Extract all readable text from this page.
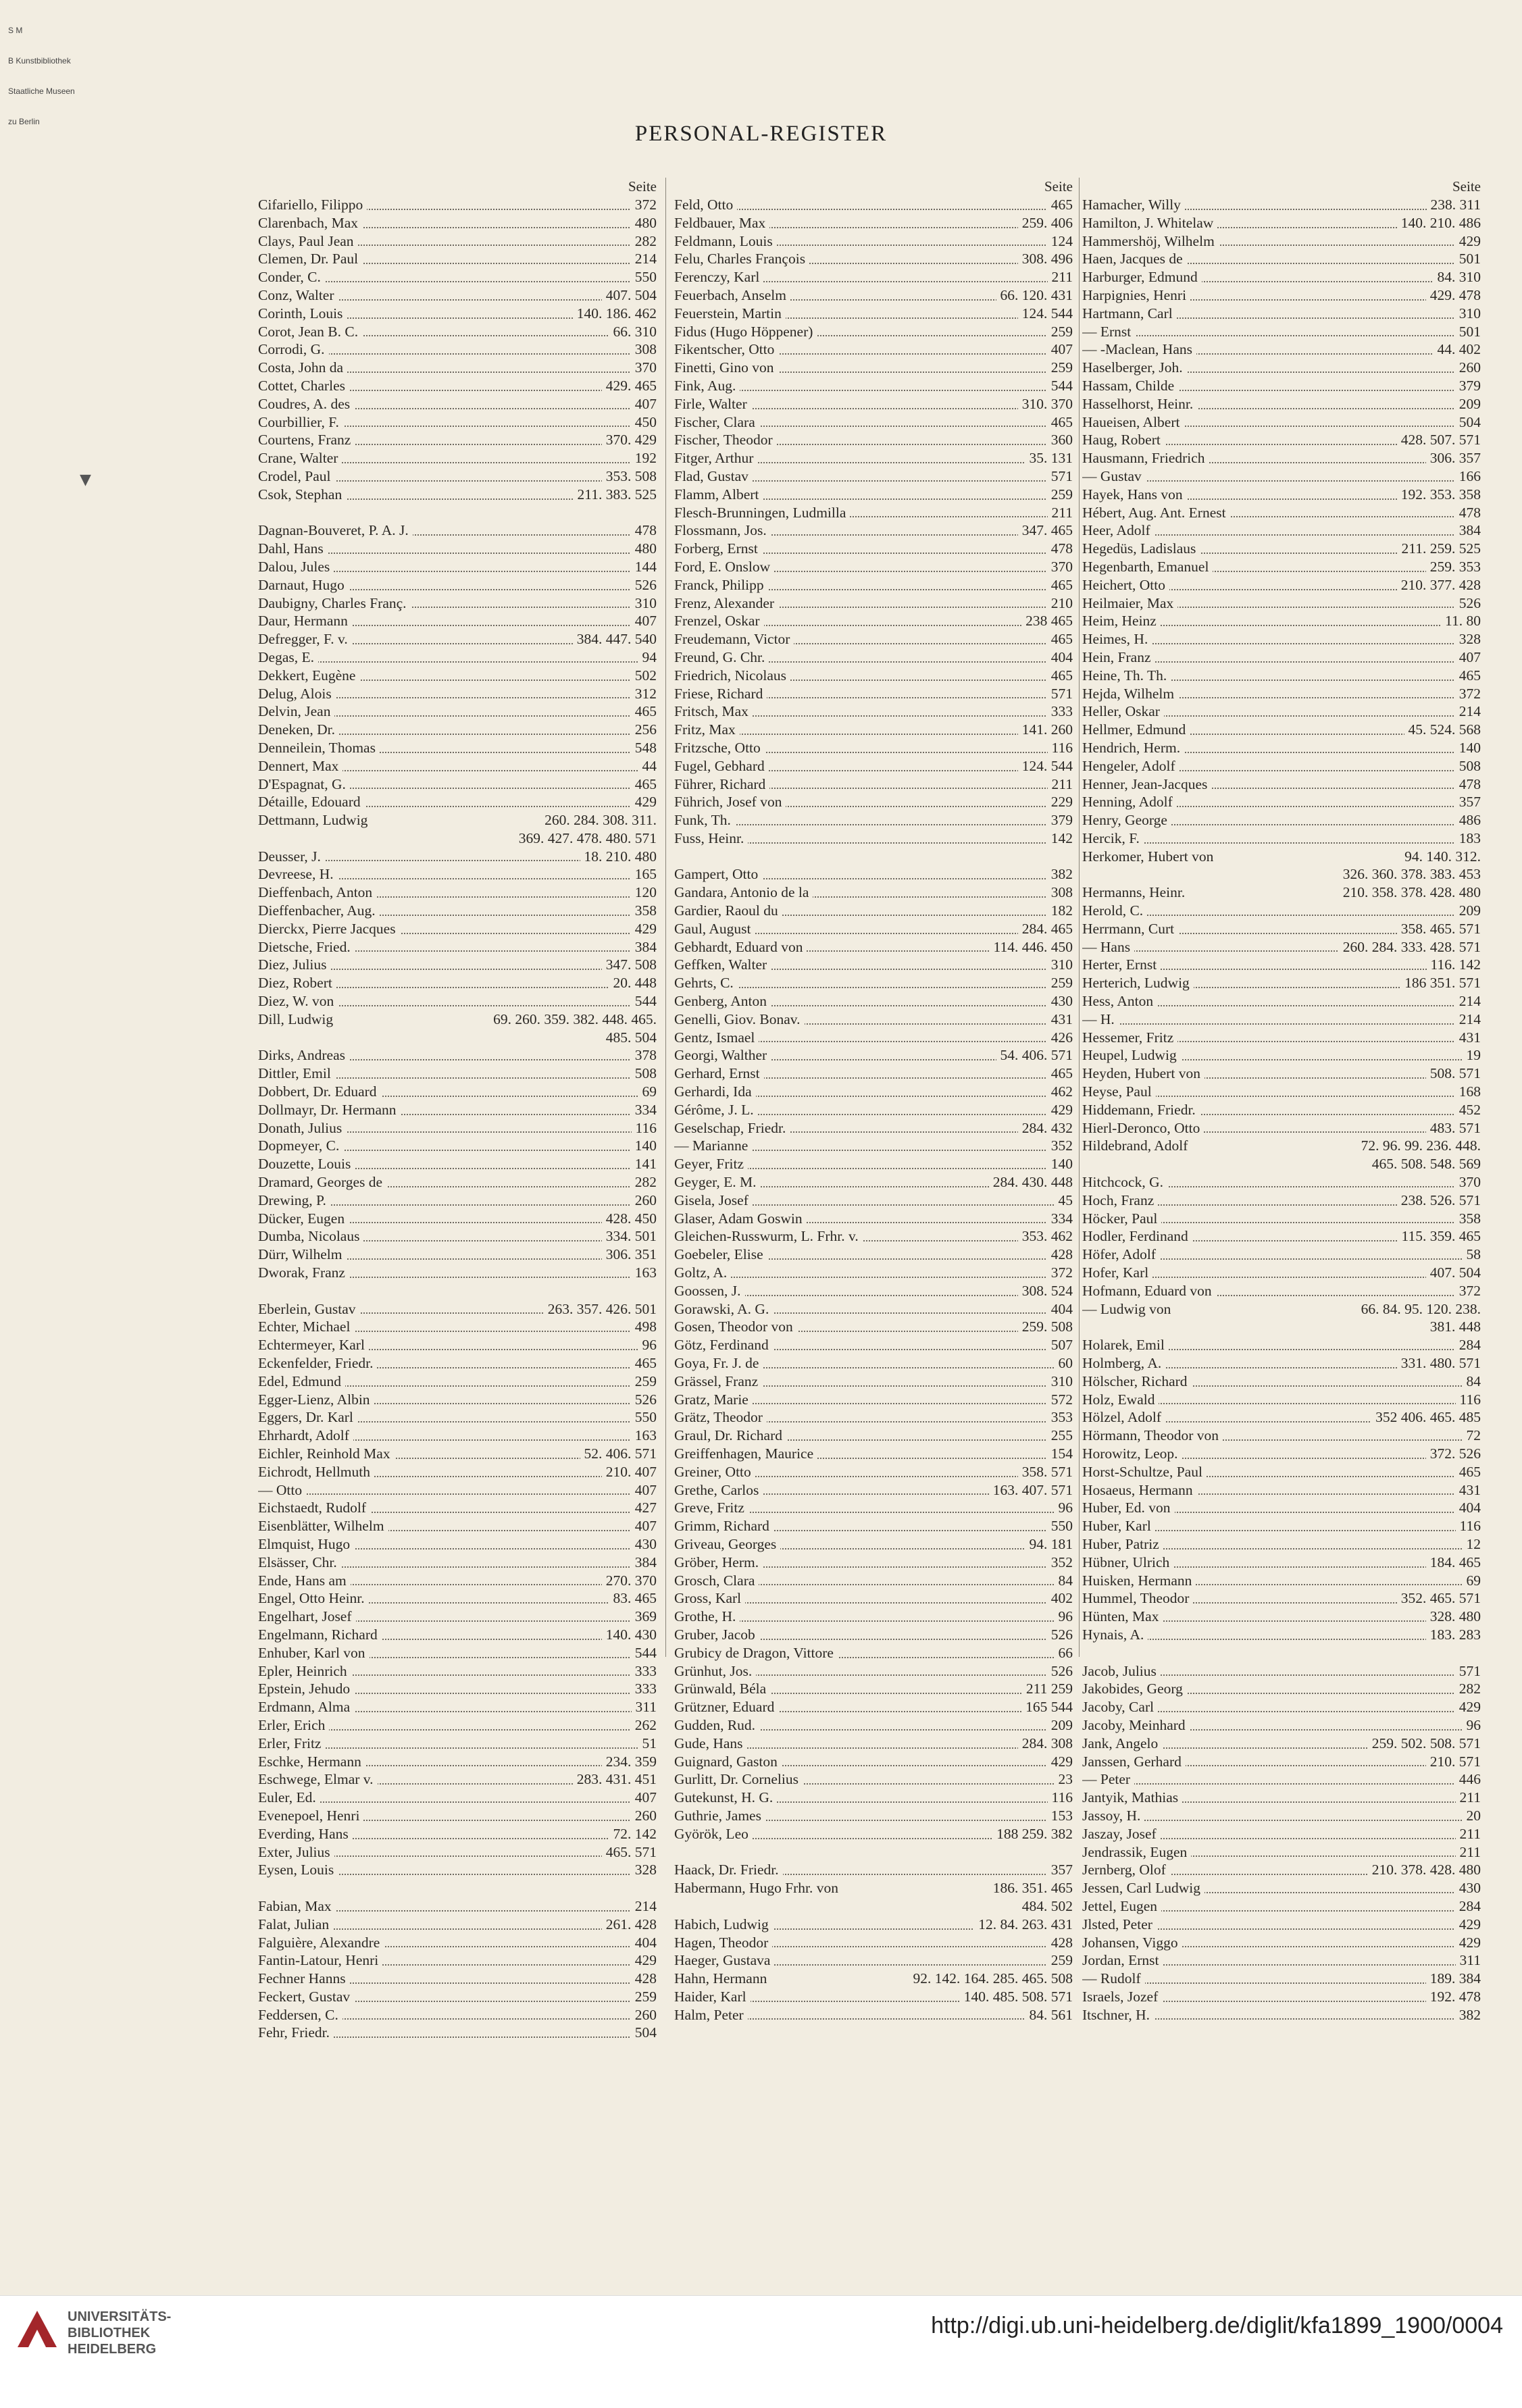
S M

B Kunstbibliothek

Staatliche Museen

zu Berlin	PERSONAL-REGISTER
▼
Seite
Cifariello, Filippo	372
Clarenbach, Max	480
Clays, Paul Jean	282
Clemen, Dr. Paul	214
Conder, C.	550
Conz, Walter	407. 504
Corinth, Louis	140. 186. 462
Corot, Jean B. C.	66. 310
Corrodi, G.	308
Costa, John da	370
Cottet, Charles	429. 465
Coudres, A. des	407
Courbillier, F.	450
Courtens, Franz	370. 429
Crane, Walter	192
Crodel, Paul	353. 508
Csok, Stephan	211. 383. 525
Dagnan-Bouveret, P. A. J.	478
Dahl, Hans	480
Dalou, Jules	144
Darnaut, Hugo	526
Daubigny, Charles Franç.	310
Daur, Hermann	407
Defregger, F. v.	384. 447. 540
Degas, E.	94
Dekkert, Eugène	502
Delug, Alois	312
Delvin, Jean	465
Deneken, Dr.	256
Denneilein, Thomas	548
Dennert, Max	44
D'Espagnat, G.	465
Détaille, Edouard	429
Dettmann, Ludwig	260. 284. 308. 311.
369. 427. 478. 480. 571
Deusser, J.	18. 210. 480
Devreese, H.	165
Dieffenbach, Anton	120
Dieffenbacher, Aug.	358
Dierckx, Pierre Jacques	429
Dietsche, Fried.	384
Diez, Julius	347. 508
Diez, Robert	20. 448
Diez, W. von	544
Dill, Ludwig	69. 260. 359. 382. 448. 465.
485. 504
Dirks, Andreas	378
Dittler, Emil	508
Dobbert, Dr. Eduard	69
Dollmayr, Dr. Hermann	334
Donath, Julius	116
Dopmeyer, C.	140
Douzette, Louis	141
Dramard, Georges de	282
Drewing, P.	260
Dücker, Eugen	428. 450
Dumba, Nicolaus	334. 501
Dürr, Wilhelm	306. 351
Dworak, Franz	163
Eberlein, Gustav	263. 357. 426. 501
Echter, Michael	498
Echtermeyer, Karl	96
Eckenfelder, Friedr.	465
Edel, Edmund	259
Egger-Lienz, Albin	526
Eggers, Dr. Karl	550
Ehrhardt, Adolf	163
Eichler, Reinhold Max	52. 406. 571
Eichrodt, Hellmuth	210. 407
— Otto	407
Eichstaedt, Rudolf	427
Eisenblätter, Wilhelm	407
Elmquist, Hugo	430
Elsässer, Chr.	384
Ende, Hans am	270. 370
Engel, Otto Heinr.	83. 465
Engelhart, Josef	369
Engelmann, Richard	140. 430
Enhuber, Karl von	544
Epler, Heinrich	333
Epstein, Jehudo	333
Erdmann, Alma	311
Erler, Erich	262
Erler, Fritz	51
Eschke, Hermann	234. 359
Eschwege, Elmar v.	283. 431. 451
Euler, Ed.	407
Evenepoel, Henri	260
Everding, Hans	72. 142
Exter, Julius	465. 571
Eysen, Louis	328
Fabian, Max	214
Falat, Julian	261. 428
Falguière, Alexandre	404
Fantin-Latour, Henri	429
Fechner Hanns	428
Feckert, Gustav	259
Feddersen, C.	260
Fehr, Friedr.	504
Seite
Feld, Otto	465
Feldbauer, Max	259. 406
Feldmann, Louis	124
Felu, Charles François	308. 496
Ferenczy, Karl	211
Feuerbach, Anselm	66. 120. 431
Feuerstein, Martin	124. 544
Fidus (Hugo Höppener)	259
Fikentscher, Otto	407
Finetti, Gino von	259
Fink, Aug.	544
Firle, Walter	310. 370
Fischer, Clara	465
Fischer, Theodor	360
Fitger, Arthur	35. 131
Flad, Gustav	571
Flamm, Albert	259
Flesch-Brunningen, Ludmilla	211
Flossmann, Jos.	347. 465
Forberg, Ernst	478
Ford, E. Onslow	370
Franck, Philipp	465
Frenz, Alexander	210
Frenzel, Oskar	238 465
Freudemann, Victor	465
Freund, G. Chr.	404
Friedrich, Nicolaus	465
Friese, Richard	571
Fritsch, Max	333
Fritz, Max	141. 260
Fritzsche, Otto	116
Fugel, Gebhard	124. 544
Führer, Richard	211
Führich, Josef von	229
Funk, Th.	379
Fuss, Heinr.	142
Gampert, Otto	382
Gandara, Antonio de la	308
Gardier, Raoul du	182
Gaul, August	284. 465
Gebhardt, Eduard von	114. 446. 450
Geffken, Walter	310
Gehrts, C.	259
Genberg, Anton	430
Genelli, Giov. Bonav.	431
Gentz, Ismael	426
Georgi, Walther	54. 406. 571
Gerhard, Ernst	465
Gerhardi, Ida	462
Gérôme, J. L.	429
Geselschap, Friedr.	284. 432
— Marianne	352
Geyer, Fritz	140
Geyger, E. M.	284. 430. 448
Gisela, Josef	45
Glaser, Adam Goswin	334
Gleichen-Russwurm, L. Frhr. v.	353. 462
Goebeler, Elise	428
Goltz, A.	372
Goossen, J.	308. 524
Gorawski, A. G.	404
Gosen, Theodor von	259. 508
Götz, Ferdinand	507
Goya, Fr. J. de	60
Grässel, Franz	310
Gratz, Marie	572
Grätz, Theodor	353
Graul, Dr. Richard	255
Greiffenhagen, Maurice	154
Greiner, Otto	358. 571
Grethe, Carlos	163. 407. 571
Greve, Fritz	96
Grimm, Richard	550
Griveau, Georges	94. 181
Gröber, Herm.	352
Grosch, Clara	84
Gross, Karl	402
Grothe, H.	96
Gruber, Jacob	526
Grubicy de Dragon, Vittore	66
Grünhut, Jos.	526
Grünwald, Béla	211 259
Grützner, Eduard	165 544
Gudden, Rud.	209
Gude, Hans	284. 308
Guignard, Gaston	429
Gurlitt, Dr. Cornelius	23
Gutekunst, H. G.	116
Guthrie, James	153
Györök, Leo	188 259. 382
Haack, Dr. Friedr.	357
Habermann, Hugo Frhr. von	186. 351. 465
484. 502
Habich, Ludwig	12. 84. 263. 431
Hagen, Theodor	428
Haeger, Gustava	259
Hahn, Hermann	92. 142. 164. 285. 465. 508
Haider, Karl	140. 485. 508. 571
Halm, Peter	84. 561
Seite
Hamacher, Willy	238. 311
Hamilton, J. Whitelaw	140. 210. 486
Hammershöj, Wilhelm	429
Haen, Jacques de	501
Harburger, Edmund	84. 310
Harpignies, Henri	429. 478
Hartmann, Carl	310
— Ernst	501
— -Maclean, Hans	44. 402
Haselberger, Joh.	260
Hassam, Childe	379
Hasselhorst, Heinr.	209
Haueisen, Albert	504
Haug, Robert	428. 507. 571
Hausmann, Friedrich	306. 357
— Gustav	166
Hayek, Hans von	192. 353. 358
Hébert, Aug. Ant. Ernest	478
Heer, Adolf	384
Hegedüs, Ladislaus	211. 259. 525
Hegenbarth, Emanuel	259. 353
Heichert, Otto	210. 377. 428
Heilmaier, Max	526
Heim, Heinz	11. 80
Heimes, H.	328
Hein, Franz	407
Heine, Th. Th.	465
Hejda, Wilhelm	372
Heller, Oskar	214
Hellmer, Edmund	45. 524. 568
Hendrich, Herm.	140
Hengeler, Adolf	508
Henner, Jean-Jacques	478
Henning, Adolf	357
Henry, George	486
Hercik, F.	183
Herkomer, Hubert von	94. 140. 312.
326. 360. 378. 383. 453
Hermanns, Heinr.	210. 358. 378. 428. 480
Herold, C.	209
Herrmann, Curt	358. 465. 571
— Hans	260. 284. 333. 428. 571
Herter, Ernst	116. 142
Herterich, Ludwig	186 351. 571
Hess, Anton	214
— H.	214
Hessemer, Fritz	431
Heupel, Ludwig	19
Heyden, Hubert von	508. 571
Heyse, Paul	168
Hiddemann, Friedr.	452
Hierl-Deronco, Otto	483. 571
Hildebrand, Adolf	72. 96. 99. 236. 448.
465. 508. 548. 569
Hitchcock, G.	370
Hoch, Franz	238. 526. 571
Höcker, Paul	358
Hodler, Ferdinand	115. 359. 465
Höfer, Adolf	58
Hofer, Karl	407. 504
Hofmann, Eduard von	372
— Ludwig von	66. 84. 95. 120. 238.
381. 448
Holarek, Emil	284
Holmberg, A.	331. 480. 571
Hölscher, Richard	84
Holz, Ewald	116
Hölzel, Adolf	352 406. 465. 485
Hörmann, Theodor von	72
Horowitz, Leop.	372. 526
Horst-Schultze, Paul	465
Hosaeus, Hermann	431
Huber, Ed. von	404
Huber, Karl	116
Huber, Patriz	12
Hübner, Ulrich	184. 465
Huisken, Hermann	69
Hummel, Theodor	352. 465. 571
Hünten, Max	328. 480
Hynais, A.	183. 283
Jacob, Julius	571
Jakobides, Georg	282
Jacoby, Carl	429
Jacoby, Meinhard	96
Jank, Angelo	259. 502. 508. 571
Janssen, Gerhard	210. 571
— Peter	446
Jantyik, Mathias	211
Jassoy, H.	20
Jaszay, Josef	211
Jendrassik, Eugen	211
Jernberg, Olof	210. 378. 428. 480
Jessen, Carl Ludwig	430
Jettel, Eugen	284
Jlsted, Peter	429
Johansen, Viggo	429
Jordan, Ernst	311
— Rudolf	189. 384
Israels, Jozef	192. 478
Itschner, H.	382
UNIVERSITÄTS-
BIBLIOTHEK
HEIDELBERG
http://digi.ub.uni-heidelberg.de/diglit/kfa1899_1900/0004
